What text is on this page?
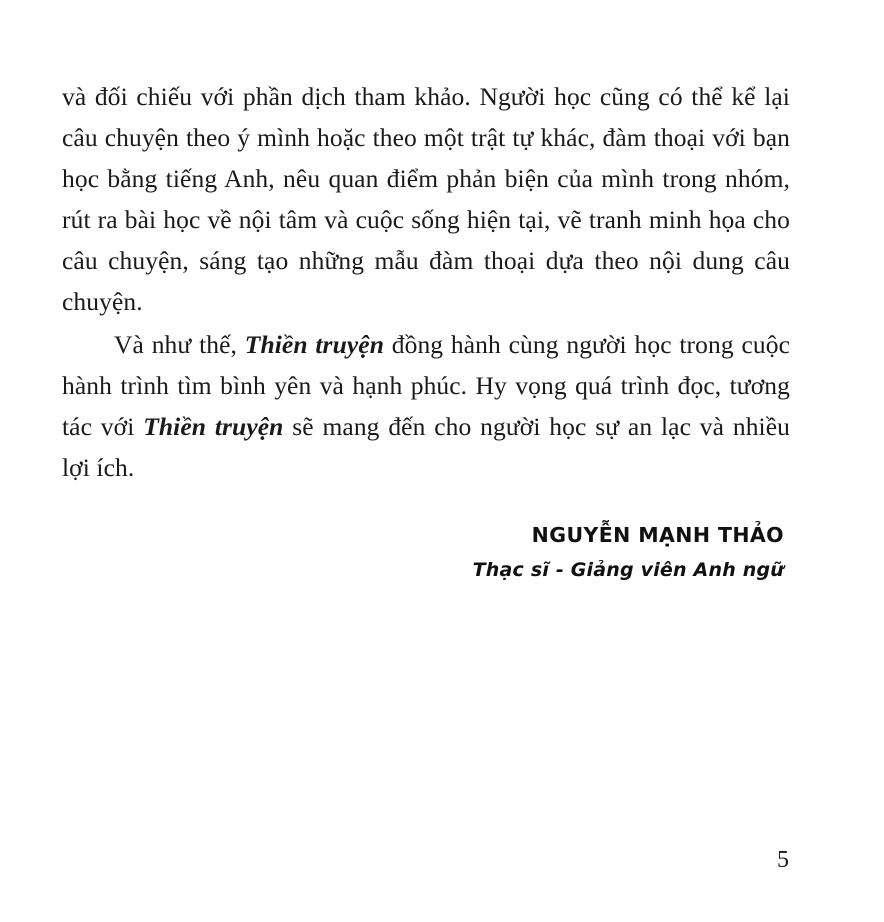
và đối chiếu với phần dịch tham khảo. Người học cũng có thể kể lại câu chuyện theo ý mình hoặc theo một trật tự khác, đàm thoại với bạn học bằng tiếng Anh, nêu quan điểm phản biện của mình trong nhóm, rút ra bài học về nội tâm và cuộc sống hiện tại, vẽ tranh minh họa cho câu chuyện, sáng tạo những mẫu đàm thoại dựa theo nội dung câu chuyện.

Và như thế, Thiền truyện đồng hành cùng người học trong cuộc hành trình tìm bình yên và hạnh phúc. Hy vọng quá trình đọc, tương tác với Thiền truyện sẽ mang đến cho người học sự an lạc và nhiều lợi ích.

NGUYỄN MẠNH THẢO
Thạc sĩ - Giảng viên Anh ngữ
5
